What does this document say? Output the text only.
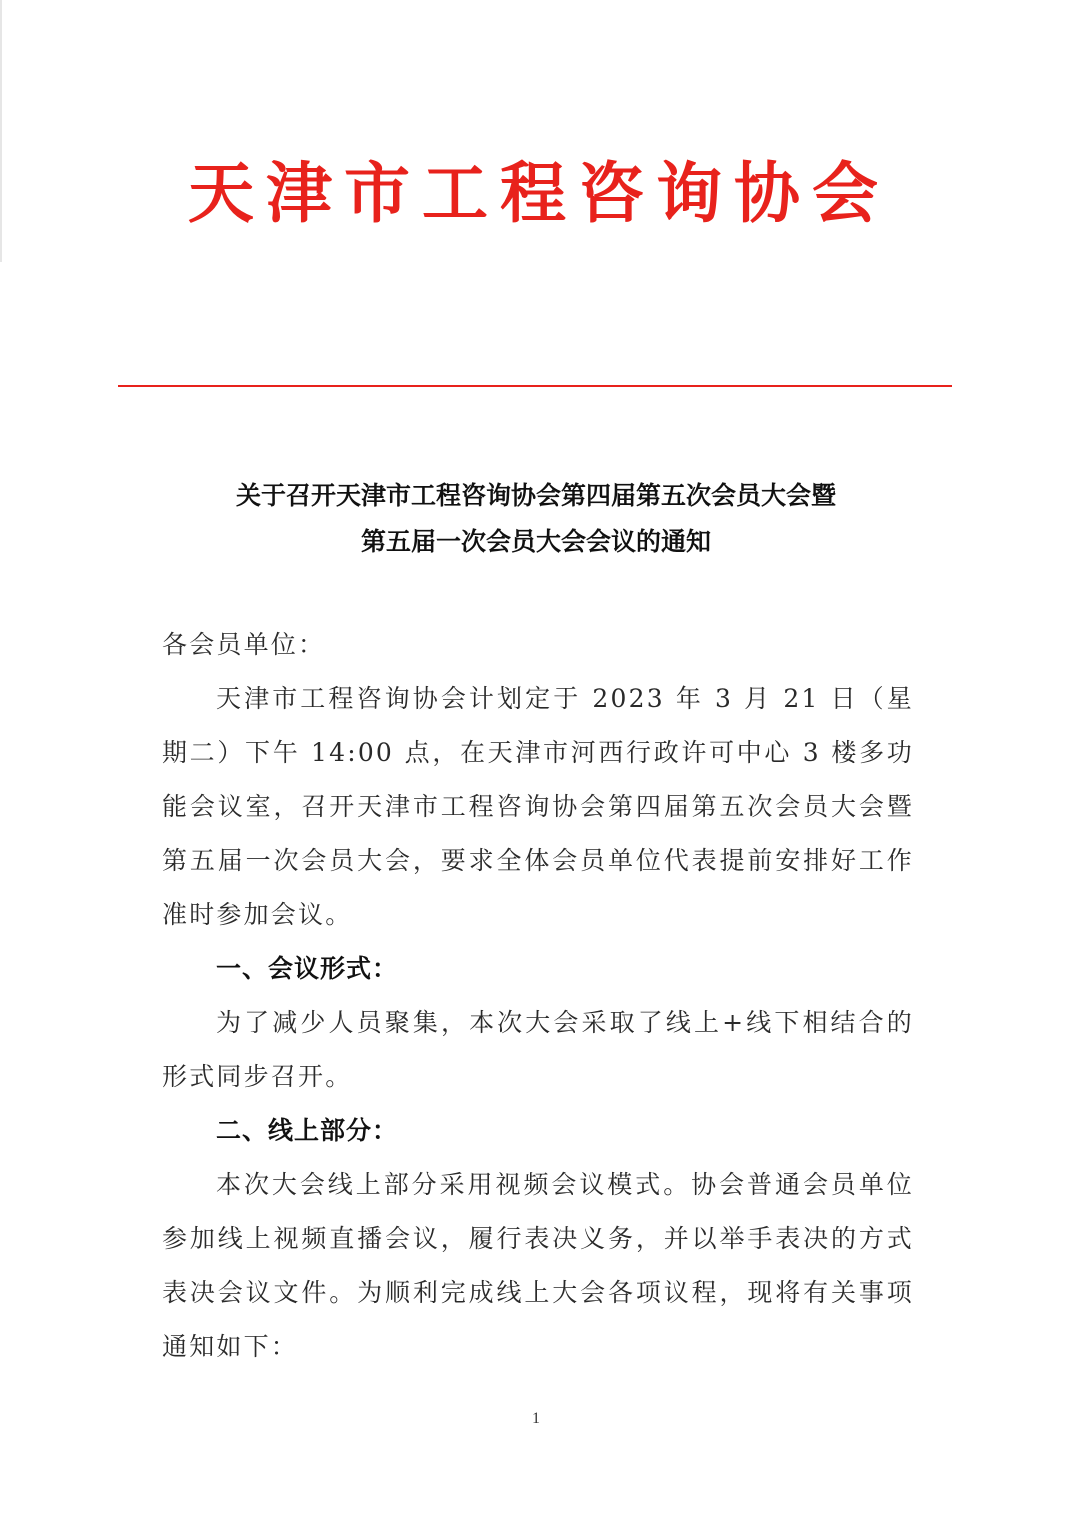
天津市工程咨询协会
关于召开天津市工程咨询协会第四届第五次会员大会暨
第五届一次会员大会会议的通知

各会员单位：

天津市工程咨询协会计划定于 2023 年 3 月 21 日（星期二）下午 14:00 点，在天津市河西行政许可中心 3 楼多功能会议室，召开天津市工程咨询协会第四届第五次会员大会暨第五届一次会员大会，要求全体会员单位代表提前安排好工作准时参加会议。

一、会议形式：

为了减少人员聚集，本次大会采取了线上+线下相结合的形式同步召开。

二、线上部分：

本次大会线上部分采用视频会议模式。协会普通会员单位参加线上视频直播会议，履行表决义务，并以举手表决的方式表决会议文件。为顺利完成线上大会各项议程，现将有关事项通知如下：

1
